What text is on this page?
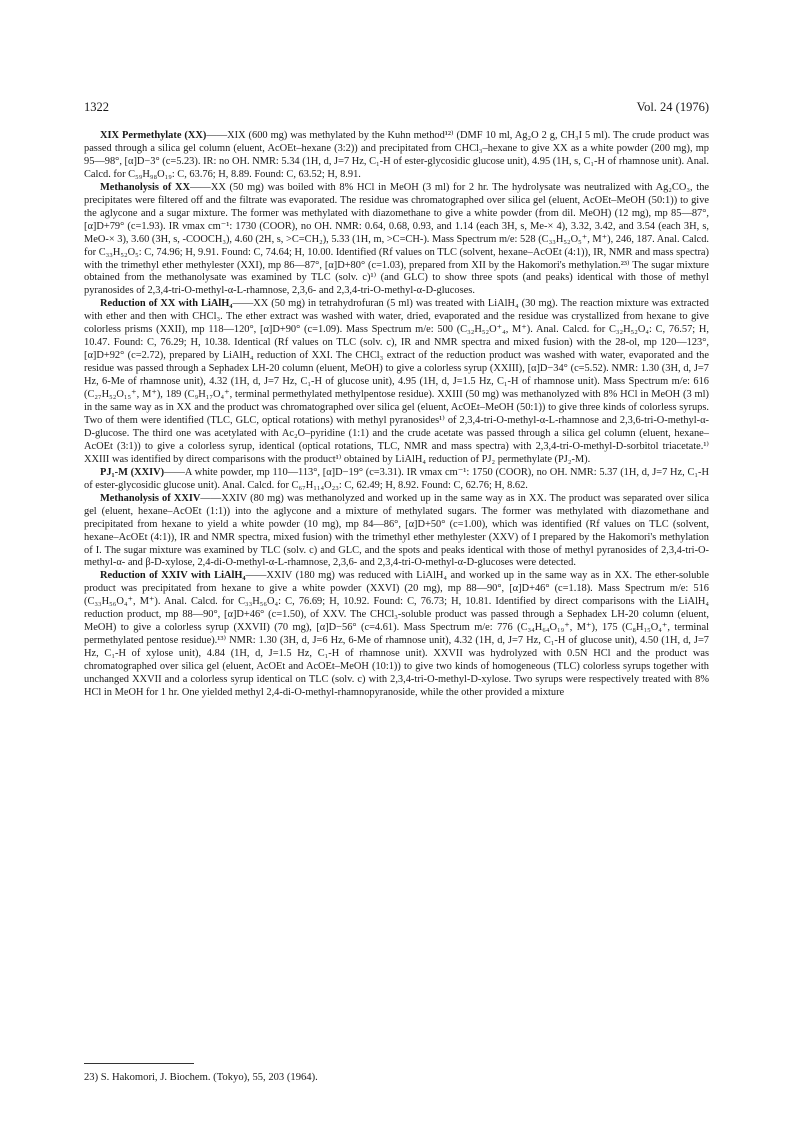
1322	Vol. 24 (1976)

XIX Permethylate (XX)——XIX (600 mg) was methylated by the Kuhn method¹²⁾ (DMF 10 ml, Ag₂O 2 g, CH₃I 5 ml). The crude product was passed through a silica gel column (eluent, AcOEt–hexane (3:2)) and precipitated from CHCl₃–hexane to give XX as a white powder (200 mg), mp 95—98°, [α]D−3° (c=5.23). IR: no OH. NMR: 5.34 (1H, d, J=7 Hz, C₁-H of ester-glycosidic glucose unit), 4.95 (1H, s, C₁-H of rhamnose unit). Anal. Calcd. for C₅₉H₉₈O₁₉: C, 63.76; H, 8.89. Found: C, 63.52; H, 8.91.

Methanolysis of XX——XX (50 mg) was boiled with 8% HCl in MeOH (3 ml) for 2 hr. The hydrolysate was neutralized with Ag₂CO₃, the precipitates were filtered off and the filtrate was evaporated. The residue was chromatographed over silica gel (eluent, AcOEt–MeOH (50:1)) to give the aglycone and a sugar mixture. The former was methylated with diazomethane to give a white powder (from dil. MeOH) (12 mg), mp 85—87°, [α]D+79° (c=1.93). IR νmax cm⁻¹: 1730 (COOR), no OH. NMR: 0.64, 0.68, 0.93, and 1.14 (each 3H, s, Me-× 4), 3.32, 3.42, and 3.54 (each 3H, s, MeO-× 3), 3.60 (3H, s, -COOCH₃), 4.60 (2H, s, >C=CH₂), 5.33 (1H, m, >C=CH-). Mass Spectrum m/e: 528 (C₃₃H₅₂O₅⁺, M⁺), 246, 187. Anal. Calcd. for C₃₃H₅₂O₅: C, 74.96; H, 9.91. Found: C, 74.64; H, 10.00. Identified (Rf values on TLC (solvent, hexane–AcOEt (4:1)), IR, NMR and mass spectra) with the trimethyl ether methylester (XXI), mp 86—87°, [α]D+80° (c=1.03), prepared from XII by the Hakomori's methylation.²³⁾ The sugar mixture obtained from the methanolysate was examined by TLC (solv. c)¹⁾ (and GLC) to show three spots (and peaks) identical with those of methyl pyranosides of 2,3,4-tri-O-methyl-α-L-rhamnose, 2,3,6- and 2,3,4-tri-O-methyl-α-D-glucoses.

Reduction of XX with LiAlH₄——XX (50 mg) in tetrahydrofuran (5 ml) was treated with LiAlH₄ (30 mg). The reaction mixture was extracted with ether and then with CHCl₃. The ether extract was washed with water, dried, evaporated and the residue was crystallized from hexane to give colorless prisms (XXII), mp 118—120°, [α]D+90° (c=1.09). Mass Spectrum m/e: 500 (C₃₂H₅₂O⁺₄, M⁺). Anal. Calcd. for C₃₂H₅₂O₄: C, 76.57; H, 10.47. Found: C, 76.29; H, 10.38. Identical (Rf values on TLC (solv. c), IR and NMR spectra and mixed fusion) with the 28-ol, mp 120—123°, [α]D+92° (c=2.72), prepared by LiAlH₄ reduction of XXI. The CHCl₃ extract of the reduction product was washed with water, evaporated and the residue was passed through a Sephadex LH-20 column (eluent, MeOH) to give a colorless syrup (XXIII), [α]D−34° (c=5.52). NMR: 1.30 (3H, d, J=7 Hz, 6-Me of rhamnose unit), 4.32 (1H, d, J=7 Hz, C₁-H of glucose unit), 4.95 (1H, d, J=1.5 Hz, C₁-H of rhamnose unit). Mass Spectrum m/e: 616 (C₂₇H₅₂O₁₅⁺, M⁺), 189 (C₉H₁₇O₄⁺, terminal permethylated methylpentose residue). XXIII (50 mg) was methanolyzed with 8% HCl in MeOH (3 ml) in the same way as in XX and the product was chromatographed over silica gel (eluent, AcOEt–MeOH (50:1)) to give three kinds of colorless syrups. Two of them were identified (TLC, GLC, optical rotations) with methyl pyranosides¹⁾ of 2,3,4-tri-O-methyl-α-L-rhamnose and 2,3,6-tri-O-methyl-α-D-glucose. The third one was acetylated with Ac₂O–pyridine (1:1) and the crude acetate was passed through a silica gel column (eluent, hexane–AcOEt (3:1)) to give a colorless syrup, identical (optical rotations, TLC, NMR and mass spectra) with 2,3,4-tri-O-methyl-D-sorbitol triacetate.¹⁾ XXIII was identified by direct comparisons with the product¹⁾ obtained by LiAlH₄ reduction of PJ₂ permethylate (PJ₂-M).

PJ₁-M (XXIV)——A white powder, mp 110—113°, [α]D−19° (c=3.31). IR νmax cm⁻¹: 1750 (COOR), no OH. NMR: 5.37 (1H, d, J=7 Hz, C₁-H of ester-glycosidic glucose unit). Anal. Calcd. for C₆₇H₁₁₄O₂₃: C, 62.49; H, 8.92. Found: C, 62.76; H, 8.62.

Methanolysis of XXIV——XXIV (80 mg) was methanolyzed and worked up in the same way as in XX. The product was separated over silica gel (eluent, hexane–AcOEt (1:1)) into the aglycone and a mixture of methylated sugars. The former was methylated with diazomethane and precipitated from hexane to yield a white powder (10 mg), mp 84—86°, [α]D+50° (c=1.00), which was identified (Rf values on TLC (solvent, hexane–AcOEt (4:1)), IR and NMR spectra, mixed fusion) with the trimethyl ether methylester (XXV) of I prepared by the Hakomori's methylation of I. The sugar mixture was examined by TLC (solv. c) and GLC, and the spots and peaks identical with those of methyl pyranosides of 2,3,4-tri-O-methyl-α- and β-D-xylose, 2,4-di-O-methyl-α-L-rhamnose, 2,3,6- and 2,3,4-tri-O-methyl-α-D-glucoses were detected.

Reduction of XXIV with LiAlH₄——XXIV (180 mg) was reduced with LiAlH₄ and worked up in the same way as in XX. The ether-soluble product was precipitated from hexane to give a white powder (XXVI) (20 mg), mp 88—90°, [α]D+46° (c=1.18). Mass Spectrum m/e: 516 (C₃₃H₅₆O₄⁺, M⁺). Anal. Calcd. for C₃₃H₅₆O₄: C, 76.69; H, 10.92. Found: C, 76.73; H, 10.81. Identified by direct comparisons with the LiAlH₄ reduction product, mp 88—90°, [α]D+46° (c=1.50), of XXV. The CHCl₃-soluble product was passed through a Sephadex LH-20 column (eluent, MeOH) to give a colorless syrup (XXVII) (70 mg), [α]D−56° (c=4.61). Mass Spectrum m/e: 776 (C₃₄H₆₄O₁₉⁺, M⁺), 175 (C₈H₁₅O₄⁺, terminal permethylated pentose residue).¹³⁾ NMR: 1.30 (3H, d, J=6 Hz, 6-Me of rhamnose unit), 4.32 (1H, d, J=7 Hz, C₁-H of glucose unit), 4.50 (1H, d, J=7 Hz, C₁-H of xylose unit), 4.84 (1H, d, J=1.5 Hz, C₁-H of rhamnose unit). XXVII was hydrolyzed with 0.5N HCl and the product was chromatographed over silica gel (eluent, AcOEt and AcOEt–MeOH (10:1)) to give two kinds of homogeneous (TLC) colorless syrups together with unchanged XXVII and a colorless syrup identical on TLC (solv. c) with 2,3,4-tri-O-methyl-D-xylose. Two syrups were respectively treated with 8% HCl in MeOH for 1 hr. One yielded methyl 2,4-di-O-methyl-rhamnopyranoside, while the other provided a mixture

23) S. Hakomori, J. Biochem. (Tokyo), 55, 203 (1964).
